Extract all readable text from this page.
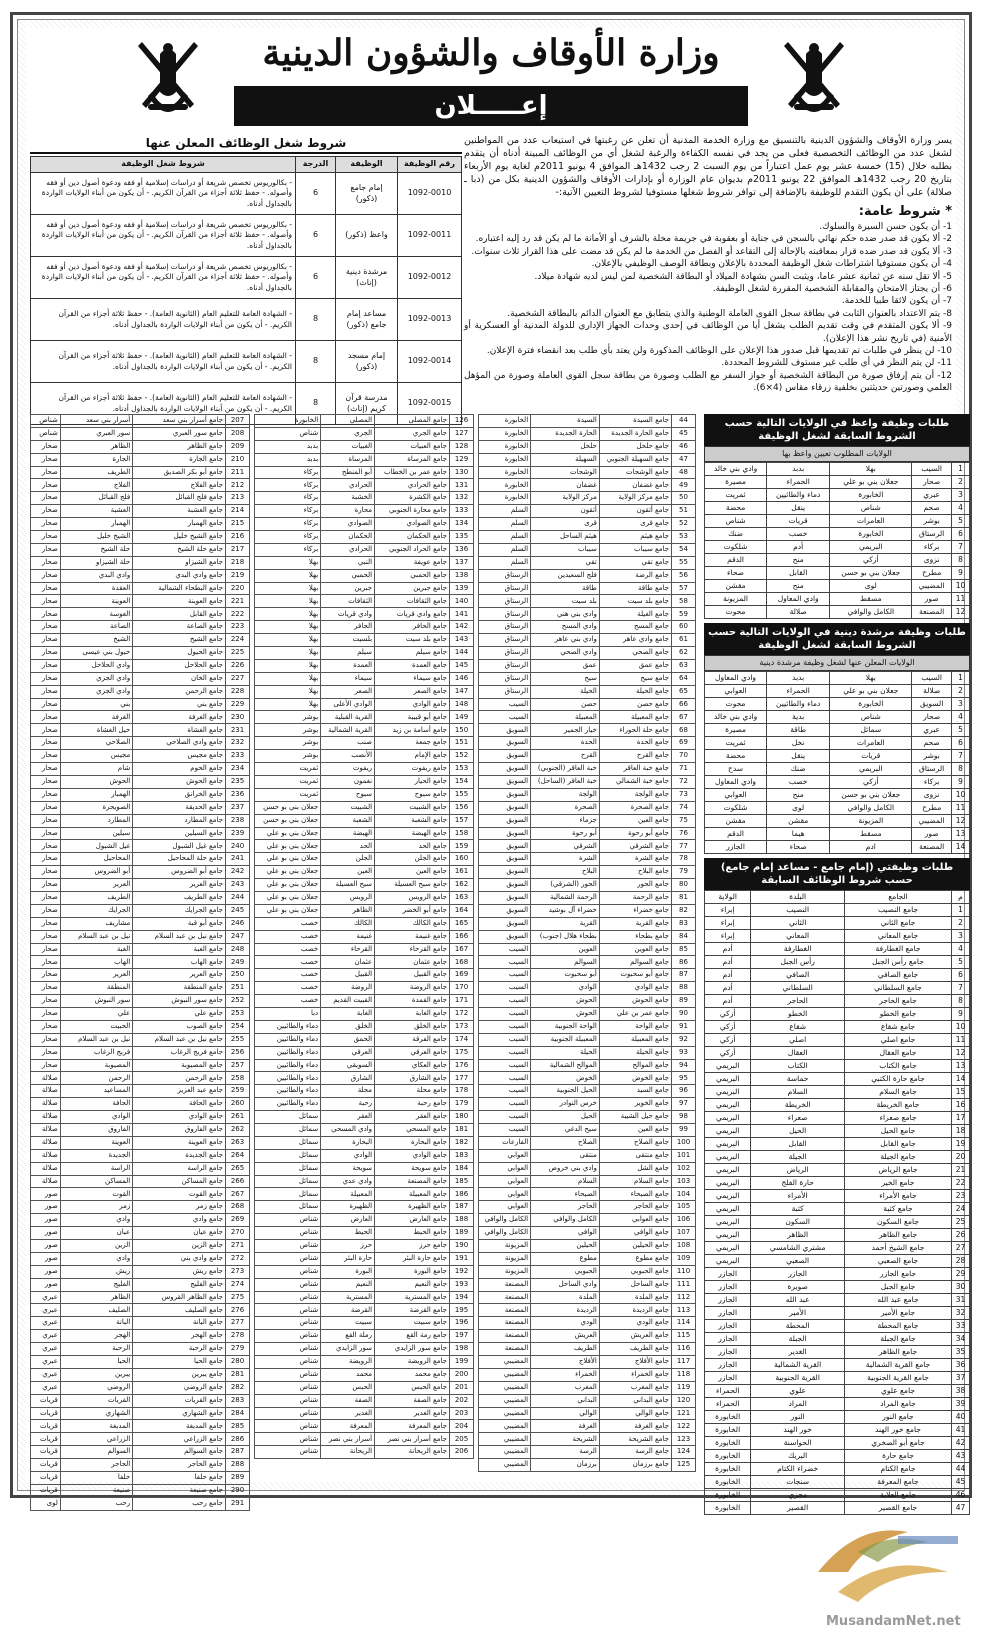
وزارة الأوقاف والشؤون الدينية
إعـــــلان

يسر وزارة الأوقاف والشؤون الدينية بالتنسيق مع وزارة الخدمة المدنية أن تعلن عن رغبتها في استيعاب عدد من المواطنين لشغل عدد من الوظائف التخصصية فعلى من يجد في نفسه الكفاءة والرغبة لشغل أي من الوظائف المبينة أدناه أن يتقدم بطلبه خلال (15) خمسة عشر يوم عمل اعتباراً من يوم السبت 2 رجب 1432هـ الموافق 4 يونيو 2011م لغاية يوم الأربعاء بتاريخ 20 رجب 1432هـ الموافق 22 يونيو 2011م بديوان عام الوزارة أو بإدارات الأوقاف والشؤون الدينية بكل من (دبا ـ صلالة) على أن يكون التقدم للوظيفة بالإضافة إلى توافر شروط شغلها مستوفيا لشروط التعيين الآتية:-

* شروط عامة:
1- أن يكون حسن السيرة والسلوك.
2- ألا يكون قد صدر ضده حكم نهائي بالسجن في جناية أو بعقوبة في جريمة مخلة بالشرف أو الأمانة ما لم يكن قد رد إليه اعتباره.
3- ألا يكون قد صدر ضده قرار بمعاقبته بالإحالة إلى التقاعد أو الفصل من الخدمة ما لم يكن قد مضت على هذا القرار ثلاث سنوات.
4- أن يكون مستوفيا اشتراطات شغل الوظيفة المحددة بالإعلان وبطاقة الوصف الوظيفي بالإعلان.
5- ألا تقل سنه عن ثمانية عشر عاما، ويثبت السن بشهادة الميلاد أو البطاقة الشخصية لمن ليس لديه شهادة ميلاد.
6- أن يجتاز الامتحان والمقابلة الشخصية المقررة لشغل الوظيفة.
7- أن يكون لائقا طبيا للخدمة.
8- يتم الاعتداد بالعنوان الثابت في بطاقة سجل القوى العاملة الوطنية والذي يتطابق مع العنوان الدائم بالبطاقة الشخصية.
9- ألا يكون المتقدم في وقت تقديم الطلب يشغل أيا من الوظائف في إحدى وحدات الجهاز الإداري للدولة المدنية أو العسكرية أو الأمنية (في تاريخ نشر هذا الإعلان).
10- لن ينظر في طلبات تم تقديمها قبل صدور هذا الإعلان على الوظائف المذكورة ولن يعتد بأي طلب بعد انقضاء فترة الإعلان.
11- لن يتم النظر في أي طلب غير مستوف للشروط المحددة.
12- أن يتم إرفاق صورة من البطاقة الشخصية أو جواز السفر مع الطلب وصورة من بطاقة سجل القوى العاملة وصورة من المؤهل العلمي وصورتين حديثتين بخلفية زرقاء مقاس (4×6).
شروط شغل الوظائف المعلن عنها
رقم الوظيفة	الوظيفة	الدرجة	شروط شغل الوظيفة
1092-0010	إمام جامع (ذكور)	6	- بكالوريوس تخصص شريعة أو دراسات إسلامية أو فقه ودعوة أصول دين أو فقه وأصوله. - حفظ ثلاثة أجزاء من القرآن الكريم. - أن يكون من أبناء الولايات الواردة بالجداول أدناه.
1092-0011	واعظ (ذكور)	6	- بكالوريوس تخصص شريعة أو دراسات إسلامية أو فقه ودعوة أصول دين أو فقه وأصوله. - حفظ ثلاثة أجزاء من القرآن الكريم. - أن يكون من أبناء الولايات الواردة بالجداول أدناه.
1092-0012	مرشدة دينية (إناث)	6	- بكالوريوس تخصص شريعة أو دراسات إسلامية أو فقه ودعوة أصول دين أو فقه وأصوله. - حفظ ثلاثة أجزاء من القرآن الكريم. - أن يكون من أبناء الولايات الواردة بالجداول أدناه.
1092-0013	مساعد إمام جامع (ذكور)	8	- الشهادة العامة للتعليم العام (الثانوية العامة). - حفظ ثلاثة أجزاء من القرآن الكريم. - أن يكون من أبناء الولايات الواردة بالجداول أدناه.
1092-0014	إمام مسجد (ذكور)	8	- الشهادة العامة للتعليم العام (الثانوية العامة). - حفظ ثلاثة أجزاء من القرآن الكريم. - أن يكون من أبناء الولايات الواردة بالجداول أدناه.
1092-0015	مدرسة قرآن كريم (إناث)	8	- الشهادة العامة للتعليم العام (الثانوية العامة). - حفظ ثلاثة أجزاء من القرآن الكريم. - أن يكون من أبناء الولايات الواردة بالجداول أدناه.
207	جامع أسرار بني سعد	أسرار بني سعد	شناص
208	جامع سور العبري	سور العبري	شناص
209	جامع الظاهر	الظاهر	صحار
210	جامع الجارة	الجارة	صحار
211	جامع أبو بكر الصديق	الطريف	صحار
212	جامع الفلاج	الفلاج	صحار
213	جامع فلج القبائل	فلج القبائل	صحار
214	جامع الغشبة	الغشبة	صحار
215	جامع الهمبار	الهمبار	صحار
216	جامع الشيخ خليل	الشيخ خليل	صحار
217	جامع حلة الشيخ	حلة الشيخ	صحار
218	جامع الشيزاو	حلة الشيزاو	صحار
219	جامع وادي البدي	وادي البدي	صحار
220	جامع البطحاء الشمالية	العقدة	صحار
221	جامع العوينة	العوينة	صحار
222	جامع القابل	الغوسة	صحار
223	جامع الصاعة	الصاعة	صحار
224	جامع الشيخ	الشيخ	صحار
225	جامع الحيول	حيول بني عيسى	صحار
226	جامع الحلاحل	وادي الحلاحل	صحار
227	جامع الخان	وادي الجزي	صحار
228	جامع الرحمن	وادي الجزي	صحار
229	جامع بني	بني	صحار
230	جامع الغرفة	الغرفة	صحار
231	جامع الغشاة	حيل الغشاة	صحار
232	جامع وادي الصلاحي	الصلاحي	صحار
233	جامع مجيس	مجيس	صحار
234	جامع الحوم	شام	صحار
235	جامع الحوش	الحوش	صحار
236	جامع الخرانق	الهمبار	صحار
237	جامع الحديقة	الصويحرة	صحار
238	جامع المطارد	المطارد	صحار
239	جامع السيلين	سيلين	صحار
240	جامع غيل الشبول	غيل الشبول	صحار
241	جامع حلة المحاحيل	المحاحيل	صحار
242	جامع أبو الضروس	أبو الضروس	صحار
243	جامع العرير	العرير	صحار
244	جامع الطريف	الطريف	صحار
245	جامع الجرايك	الجرايك	صحار
246	جامع أبو قبة	مشاريف	صحار
247	جامع نيل بن عبد السلام	نيل بن عبد السلام	صحار
248	جامع الغبة	الغبة	صحار
249	جامع الهاب	الهاب	صحار
250	جامع العرير	العرير	صحار
251	جامع المنطقة	المنطقة	صحار
252	جامع سور النبوش	سور النبوش	صحار
253	جامع علي	علي	صحار
254	جامع الصوب	الحبيت	صحار
255	جامع نيل بن عبد السلام	نيل بن عبد السلام	صحار
256	جامع فريج الرغاب	فريج الرغاب	صحار
257	جامع المصيوبة	المصيوبة	صحار
258	جامع الرحمن	الرحمن	صلالة
259	جامع عبد العزيز	المساعيد	صلالة
260	جامع الحافة	الحافة	صلالة
261	جامع الوادي	الوادي	صلالة
262	جامع الفاروق	الفاروق	صلالة
263	جامع العوينة	العوينة	صلالة
264	جامع الجديدة	الجديدة	صلالة
265	جامع الراسة	الراسة	صلالة
266	جامع المساكن	المساكن	صلالة
267	جامع القوت	القوت	صور
268	جامع زمر	زمر	صور
269	جامع وادي	وادي	صور
270	جامع عيان	عيان	صور
271	جامع الزين	الزين	صور
272	جامع وادي بني	وادي	صور
273	جامع ريش	ريش	صور
274	جامع الفليج	الفليج	صور
275	جامع الظاهر القروس	الظاهر	عبري
276	جامع الصليف	الصليف	عبري
277	جامع البانة	البانة	عبري
278	جامع الهجر	الهجر	عبري
279	جامع الرحبة	الرحبة	عبري
280	جامع الحيا	الحيا	عبري
281	جامع يبرين	يبرين	عبري
282	جامع الروضي	الروضي	عبري
283	جامع القريات	القريات	قريات
284	جامع الشهاري	الشهاري	قريات
285	جامع المدبغة	المدبغة	قريات
286	جامع الزراعي	الزراعي	قريات
287	جامع السوالم	السوالم	قريات
288	جامع الحاجر	الحاجر	قريات
289	جامع حلفا	حلفا	قريات
290	جامع صنيعة	صنيعة	قريات
291	جامع رحب	رحب	لوى
126	جامع المصلى	المصلى	الخابورة
127	جامع الجري	الجري	شناص
128	جامع العبيات	الغبيات	بدبد
129	جامع المرساة	المرساة	بدبد
130	جامع عمر بن الخطاب	أبو المنطح	بركاء
131	جامع الحرادي	الحرادي	بركاء
132	جامع الكشرة	الخشبة	بركاء
133	جامع محارة الجنوبي	محارة	بركاء
134	جامع الصوادي	الصوادي	بركاء
135	جامع الحكمان	الحكمان	بركاء
136	جامع الحراد الجنوبي	الحرادي	بركاء
137	جامع عويفة	النبي	بهلا
138	جامع الحمبي	الحمبي	بهلا
139	جامع جبرين	جبرين	بهلا
140	جامع الثقافات	الثقافات	بهلا
141	جامع وادي قريات	وادي قريات	بهلا
142	جامع الحافر	الحافر	بهلا
143	جامع بلد سيت	بلسيت	بهلا
144	جامع سيلم	سيلم	بهلا
145	جامع العمدة	العمدة	بهلا
146	جامع سيماء	سيماء	بهلا
147	جامع الصعر	الصعر	بهلا
148	جامع الوادي	الوادي الأعلى	بهلا
149	جامع أبو قبيبة	القرية القبلية	بوشر
150	جامع أسامة بن زيد	القرية الشمالية	بوشر
151	جامع جمعة	صنب	بوشر
152	جامع الإمام	الأنصب	بوشر
153	جامع ريفوت	ريفوت	ثمريت
154	جامع الحيار	نغمون	ثمريت
155	جامع سيوح	سيوح	ثمريت
156	جامع الشبيت	الشبيت	جعلان بني بو حسن
157	جامع الشعبة	الشعبة	جعلان بني بو حسن
158	جامع الهيضة	الهيضة	جعلان بني بو علي
159	جامع الحد	الحد	جعلان بني بو علي
160	جامع الجلن	الجلن	جعلان بني بو علي
161	جامع العين	العين	جعلان بني بو علي
162	جامع سيح العسيلة	سيح العسيلة	جعلان بني بو علي
163	جامع الرويس	الرويس	جعلان بني بو علي
164	جامع أبو الخضر	الظاهر	جعلان بني بو علي
165	جامع الكالك	الكالك	خصب
166	جامع غنيمة	غنيمة	خصب
167	جامع القرحاء	القرحاء	خصب
168	جامع عثمان	عثمان	خصب
169	جامع القبيل	القبيل	خصب
170	جامع الروضة	الروضة	خصب
171	جامع القمدة	القبيت القديم	خصب
172	جامع الغابة	الغابة	دبا
173	جامع الخلق	الخلق	دماء والطائيين
174	جامع الفرقة	الحمق	دماء والطائيين
175	جامع العرقي	العرقي	دماء والطائيين
176	جامع العكاي	السويقي	دماء والطائيين
177	جامع الشارق	الشارق	دماء والطائيين
178	جامع محلة	محلة	دماء والطائيين
179	جامع رحبة	رحبة	دماء والطائيين
180	جامع العقر	العقر	سمائل
181	جامع المسحي	وادي المسحي	سمائل
182	جامع البحارة	البحارة	سمائل
183	جامع الوادي	الوادي	سمائل
184	جامع سويحة	سويحة	سمائل
185	جامع المصنعة	وادي عدي	سمائل
186	جامع المعبيلة	المعبيلة	سمائل
187	جامع الظهيرة	الظهيرة	سمائل
188	جامع العارض	العارض	شناص
189	جامع الحيط	الحيط	شناص
190	جامع حرز	حرز	شناص
191	جامع حارة البئر	حارة البئر	شناص
192	جامع البورة	البورة	شناص
193	جامع النعيم	النعيم	شناص
194	جامع المسترية	المسترية	شناص
195	جامع القرضة	القرضة	شناص
196	جامع سبيت	سبيت	شناص
197	جامع رمة القع	رملة القع	شناص
198	جامع سور الزايدي	سور الزايدي	شناص
199	جامع الرويضة	الرويضة	شناص
200	جامع محمد	محمد	شناص
201	جامع الحبس	الحبس	شناص
202	جامع الصفة	الصفة	شناص
203	جامع الغدير	الغدير	شناص
204	جامع المعرفة	المعرفة	شناص
205	جامع أسرار بني نصر	أسرار بني نصر	شناص
206	جامع الريحانة	الريحانة	شناص
44	جامع السيدة	السيدة	الخابورة
45	جامع الحارة الجديدة	الحارة الجديدة	الخابورة
46	جامع حلحل	حلحل	الخابورة
47	جامع السهيلة الجنوبي	السهيلة	الخابورة
48	جامع الوشحات	الوشحات	الخابورة
49	جامع غضفان	غضفان	الخابورة
50	جامع مركز الولاية	مركز الولاية	الخابورة
51	جامع أثقون	أثقون	السلم
52	جامع قرى	قرى	السلم
53	جامع هيثم	هيثم الساحل	السلم
54	جامع سيباب	سيباب	السلم
55	جامع تقي	تقي	السلم
56	جامع الرضة	فلج السعيدين	الرستاق
57	جامع طاقة	طاقة	الرستاق
58	جامع بلد سيت	بلد سيت	الرستاق
59	جامع الغيلة	وادي بني هني	الرستاق
60	جامع المسح	وادي المسح	الرستاق
61	جامع وادي عاهر	وادي بني عاهر	الرستاق
62	جامع الصحي	وادي الصحي	الرستاق
63	جامع عمق	عمق	الرستاق
64	جامع سيح	سيح	الرستاق
65	جامع الحيلة	الحيلة	الرستاق
66	جامع حصن	حصن	السيب
67	جامع المعبيلة	المعبيلة	السيب
68	جامع حلة الحوراء	خيار الجمير	السويق
69	جامع الحدة	الحدة	السويق
70	جامع القرح	القرح	السويق
71	جامع خبة العاقر	خبة العاقر (الجنوبي)	السويق
72	جامع خبة الشمالي	خبة العاقر (الساحل)	السويق
73	جامع الولجة	الولجة	السويق
74	جامع الصحرة	الصحرة	السويق
75	جامع العين	جزماء	السويق
76	جامع أبو رحوة	أبو رحوة	السويق
77	جامع الشرقي	الشرقي	السويق
78	جامع الشرة	الشرة	السويق
79	جامع البلاح	البلاح	السويق
80	جامع الحور	الحور (الشرقي)	السويق
81	جامع الرحمة	الرحمة الشمالية	السويق
82	جامع خضراء	خضراء آل بوشيد	السويق
83	جامع القرية	القرية	السويق
84	جامع بطحاء	بطحاء هلال (جنوب)	السويق
85	جامع العوين	العوين	السيب
86	جامع السوالم	السوالم	السيب
87	جامع أبو سحبوت	أبو سحبوت	السيب
88	جامع الوادي	الوادي	السيب
89	جامع الحوش	الحوش	السيب
90	جامع عمر بن علي	الحوش	السيب
91	جامع الواحة	الواحة الجنوبية	السيب
92	جامع المعبيلة	المعبيلة الجنوبية	السيب
93	جامع الحيلة	الحيلة	السيب
94	جامع الموالح	الموالح الشمالية	السيب
95	جامع الخوض	الخوض	السيب
96	جامع السيد	الحيل الجنوبية	السيب
97	جامع الخوير	خرس النوادر	السيب
98	جامع حيل الشيبة	الحيل	السيب
99	جامع العين	سيح الدغي	السيب
100	جامع الصلاح	الصلاح	الفارعات
101	جامع منتقى	منتقى	العوابي
102	جامع الشل	وادي بني خروص	العوابي
103	جامع السلام	السلام	العوابي
104	جامع الصيحاء	الصيحاء	العوابي
105	جامع الحاجر	الحاجر	العوابي
106	جامع العوابي	الكامل والوافي	الكامل والوافي
107	جامع الوافي	الوافي	الكامل والوافي
108	جامع الحيلين	الحيلين	المزيونة
109	جامع مطوع	مطوع	المزيونة
110	جامع الحبوبي	الحبوبي	المزيونة
111	جامع الساحل	وادي الساحل	المصنعة
112	جامع الملدة	الملدة	المصنعة
113	جامع الرديدة	الرديدة	المصنعة
114	جامع الودي	الودي	المصنعة
115	جامع العريش	العريش	المصنعة
116	جامع الطريف	الطريف	المصنعة
117	جامع الأفلاج	الأفلاج	المضيبي
118	جامع الحمراء	الحمراء	المضيبي
119	جامع المغرب	المغرب	المضيبي
120	جامع البداني	البداني	المضيبي
121	جامع الوالي	الوالي	المضيبي
122	جامع الغرفة	الغرفة	المضيبي
123	جامع الشريحة	الشريحة	المضيبي
124	جامع الرسة	الرسة	المضيبي
125	جامع برزمان	برزمان	المضيبي
طلبات وظيفة واعظ في الولايات التالية حسب الشروط السابقة لشغل الوظيفة
الولايات المطلوب تعيين واعظ بها
1	السيب	بهلا	بدبد	وادي بني خالد
2	صحار	جعلان بني بو علي	الحمراء	مصيرة
3	عبري	الخابورة	دماء والطائيين	ثمريت
4	صحم	شناص	ينقل	محضة
5	بوشر	العامرات	قريات	شناص
6	الرستاق	الخابورة	خصب	ضنك
7	بركاء	البريمي	أدم	شلكوت
8	نزوى	أزكي	منح	الدقم
9	مطرح	جعلان بني بو حسن	القابل	صحاء
10	المضيبي	لوى	منح	مقشن
11	صور	مسقط	وادي المعاول	المزيونة
12	المصنعة	الكامل والوافي	صلالة	محوت
طلبات وظيفة مرشدة دينية في الولايات التالية حسب الشروط السابقة لشغل الوظيفة
الولايات المعلن عنها لشغل وظيفة مرشدة دينية
1	السيب	بهلا	بدبد	وادي المعاول
2	صلالة	جعلان بني بو علي	الحمراء	العوابي
3	السويق	الخابورة	دماء والطائيين	محوت
4	صحار	شناص	بدية	وادي بني خالد
5	عبري	سمائل	طاقة	مصيرة
6	صحم	العامرات	نخل	ثمريت
7	بوشر	قريات	ينقل	محضة
8	الرستاق	البريمي	ضنك	سدح
9	بركاء	أزكي	خصب	وادي المعاول
10	نزوى	جعلان بني بو حسن	منح	العوابي
11	مطرح	الكامل والوافي	لوى	شلكوت
12	المضيبي	المزيونة	مقشن	مقشن
13	صور	مسقط	هيما	الدقم
14	المصنعة	ادم	صحاء	الجازر
طلبات وظيفتي (إمام جامع - مساعد إمام جامع) حسب شروط الوظائف السابقة
م	الجامع	البلدة	الولاية
1	جامع النصيب	النصيب	إبراء
2	جامع الثاني	الثاني	إبراء
3	جامع المعاني	المعاني	إبراء
4	جامع الغطارفة	الغطارفة	أدم
5	جامع رأس الجبل	رأس الجبل	أدم
6	جامع الصافي	الصافي	أدم
7	جامع السلطاني	السلطاني	أدم
8	جامع الحاجر	الحاجر	أدم
9	جامع الخطو	الخطو	أزكي
10	جامع شقاع	شقاع	أزكي
11	جامع اصلي	اصلي	أزكي
12	جامع العقال	العقال	أزكي
13	جامع الكتاب	الكتاب	البريمي
14	جامع حارة الكتبي	حماسة	البريمي
15	جامع السلام	السلام	البريمي
16	جامع الخريطة	الخريطة	البريمي
17	جامع صعراء	صعراء	البريمي
18	جامع الحيل	الحيل	البريمي
19	جامع القابل	القابل	البريمي
20	جامع الجيلة	الجيلة	البريمي
21	جامع الرياض	الرياض	البريمي
22	جامع الخير	حارة الفلج	البريمي
23	جامع الأمراء	الأمراء	البريمي
24	جامع كثبة	كثبة	البريمي
25	جامع السكون	السكون	البريمي
26	جامع الظاهر	الظاهر	البريمي
27	جامع الشيخ أحمد	مشتري الشامسي	البريمي
28	جامع الصعبي	الصعبي	البريمي
29	جامع الجازر	الجازر	الجازر
30	جامع الجبل	صوبرة	الجازر
31	جامع عبد الله	عبد الله	الجازر
32	جامع الأمير	الأمير	الجازر
33	جامع المحطة	المحطة	الجازر
34	جامع الجبلة	الجبلة	الجازر
35	جامع الظاهر	الغدير	الجازر
36	جامع القرية الشمالية	القرية الشمالية	الجازر
37	جامع القرية الجنوبية	القرية الجنوبية	الجازر
38	جامع علوي	علوي	الحمراء
39	جامع المراد	المراد	الحمراء
40	جامع النور	النور	الخابورة
41	جامع خور الهند	خور الهند	الخابورة
42	جامع أبو الصخري	الحواسنة	الخابورة
43	جامع حارة	البريك	الخابورة
44	جامع الكتام	خضراء الكتام	الخابورة
45	جامع المعرفة	سنجات	الخابورة
46	جامع العلاية	مجزي	الخابورة
47	جامع القصير	القصير	الخابورة
MusandamNet.net
